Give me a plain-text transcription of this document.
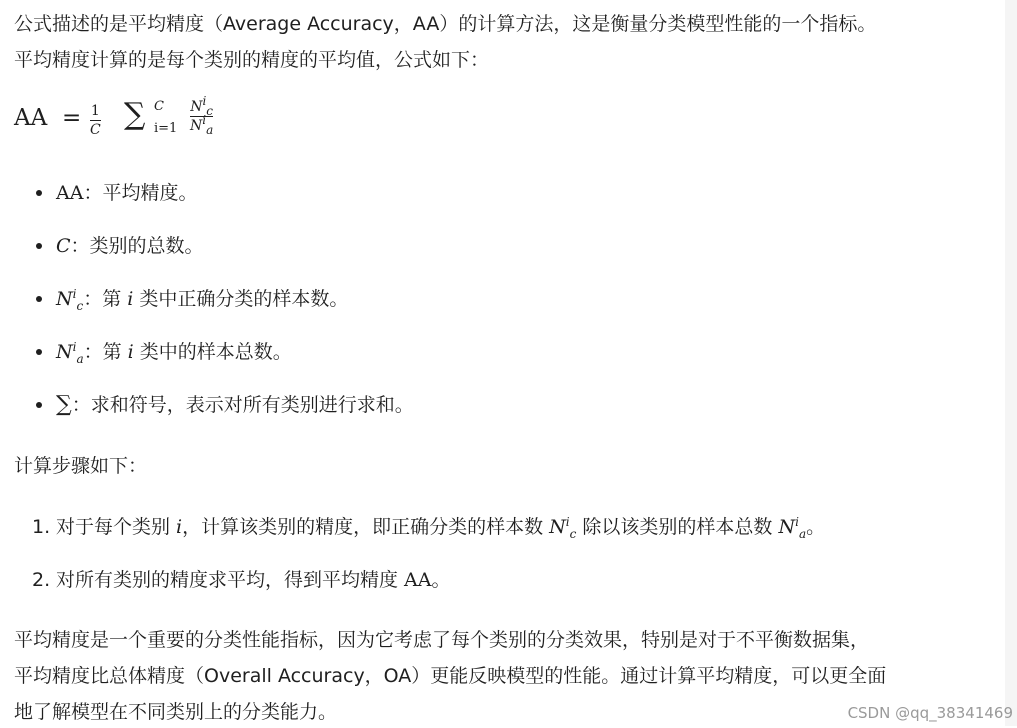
公式描述的是平均精度（Average Accuracy，AA）的计算方法，这是衡量分类模型性能的一个指标。
平均精度计算的是每个类别的精度的平均值，公式如下：
AA = 1
C ∑ C
i=1
$N^i_c$
$N^i_a$
AA：平均精度。
C：类别的总数。
$N^i_c$：第 i 类中正确分类的样本数。
$N^i_a$：第 i 类中的样本总数。
∑：求和符号，表示对所有类别进行求和。
计算步骤如下：
1. 对于每个类别 i，计算该类别的精度，即正确分类的样本数 $N^i_c$ 除以该类别的样本总数 $N^i_a$。
2. 对所有类别的精度求平均，得到平均精度 AA。
平均精度是一个重要的分类性能指标，因为它考虑了每个类别的分类效果，特别是对于不平衡数据集，
平均精度比总体精度（Overall Accuracy，OA）更能反映模型的性能。通过计算平均精度，可以更全面
地了解模型在不同类别上的分类能力。	CSDN @qq_38341469
